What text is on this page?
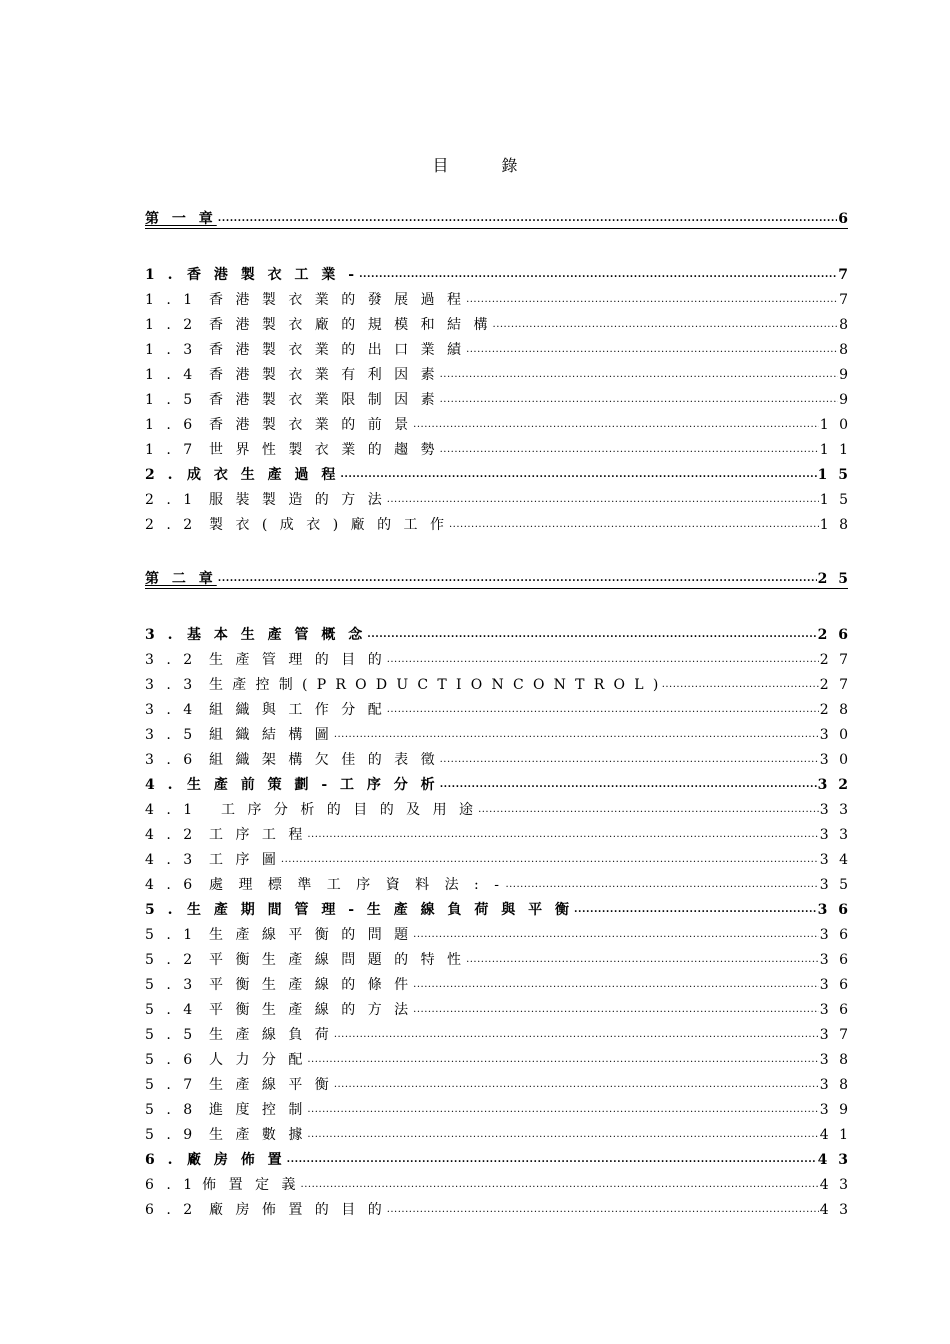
目 錄
第 一 章 .....	6
1 . 香 港 製 衣 工 業 - .....	7
1 . 1 香 港 製 衣 業 的 發 展 過 程 .....	7
1 . 2 香 港 製 衣 廠 的 規 模 和 結 構 .....	8
1 . 3 香 港 製 衣 業 的 出 口 業 績 .....	8
1 . 4 香 港 製 衣 業 有 利 因 素 .....	9
1 . 5 香 港 製 衣 業 限 制 因 素 .....	9
1 . 6 香 港 製 衣 業 的 前 景 .....	1 0
1 . 7 世 界 性 製 衣 業 的 趨 勢 .....	1 1
2 . 成 衣 生 產 過 程 .....	1 5
2 . 1 服 裝 製 造 的 方 法 .....	1 5
2 . 2 製 衣 ( 成 衣 ) 廠 的 工 作 .....	1 8
第 二 章 .....	2 5
3 . 基 本 生 產 管 概 念 .....	2 6
3 . 2 生 產 管 理 的 目 的 .....	2 7
3 . 3 生 產 控 制 ( P R O D U C T I O N C O N T R O L ) .....	2 7
3 . 4 組 織 與 工 作 分 配 .....	2 8
3 . 5 組 織 結 構 圖 .....	3 0
3 . 6 組 織 架 構 欠 佳 的 表 徵 .....	3 0
4 . 生 產 前 策 劃 - 工 序 分 析 .....	3 2
4 . 1	工 序 分 析 的 目 的 及 用 途 .....	3 3
4 . 2 工 序 工 程 .....	3 3
4 . 3 工 序 圖 .....	3 4
4 . 6 處 理 標 準 工 序 資 料 法 : - .....	3 5
5 . 生 產 期 間 管 理 - 生 產 線 負 荷 與 平 衡 .....	3 6
5 . 1 生 產 線 平 衡 的 問 題 .....	3 6
5 . 2 平 衡 生 產 線 問 題 的 特 性 .....	3 6
5 . 3 平 衡 生 產 線 的 條 件 .....	3 6
5 . 4 平 衡 生 產 線 的 方 法 .....	3 6
5 . 5 生 產 線 負 荷 .....	3 7
5 . 6 人 力 分 配 .....	3 8
5 . 7 生 產 線 平 衡 .....	3 8
5 . 8 進 度 控 制 .....	3 9
5 . 9 生 產 數 據 .....	4 1
6 . 廠 房 佈 置 .....	4 3
6 . 1 佈 置 定 義 .....	4 3
6 . 2 廠 房 佈 置 的 目 的 .....	4 3
